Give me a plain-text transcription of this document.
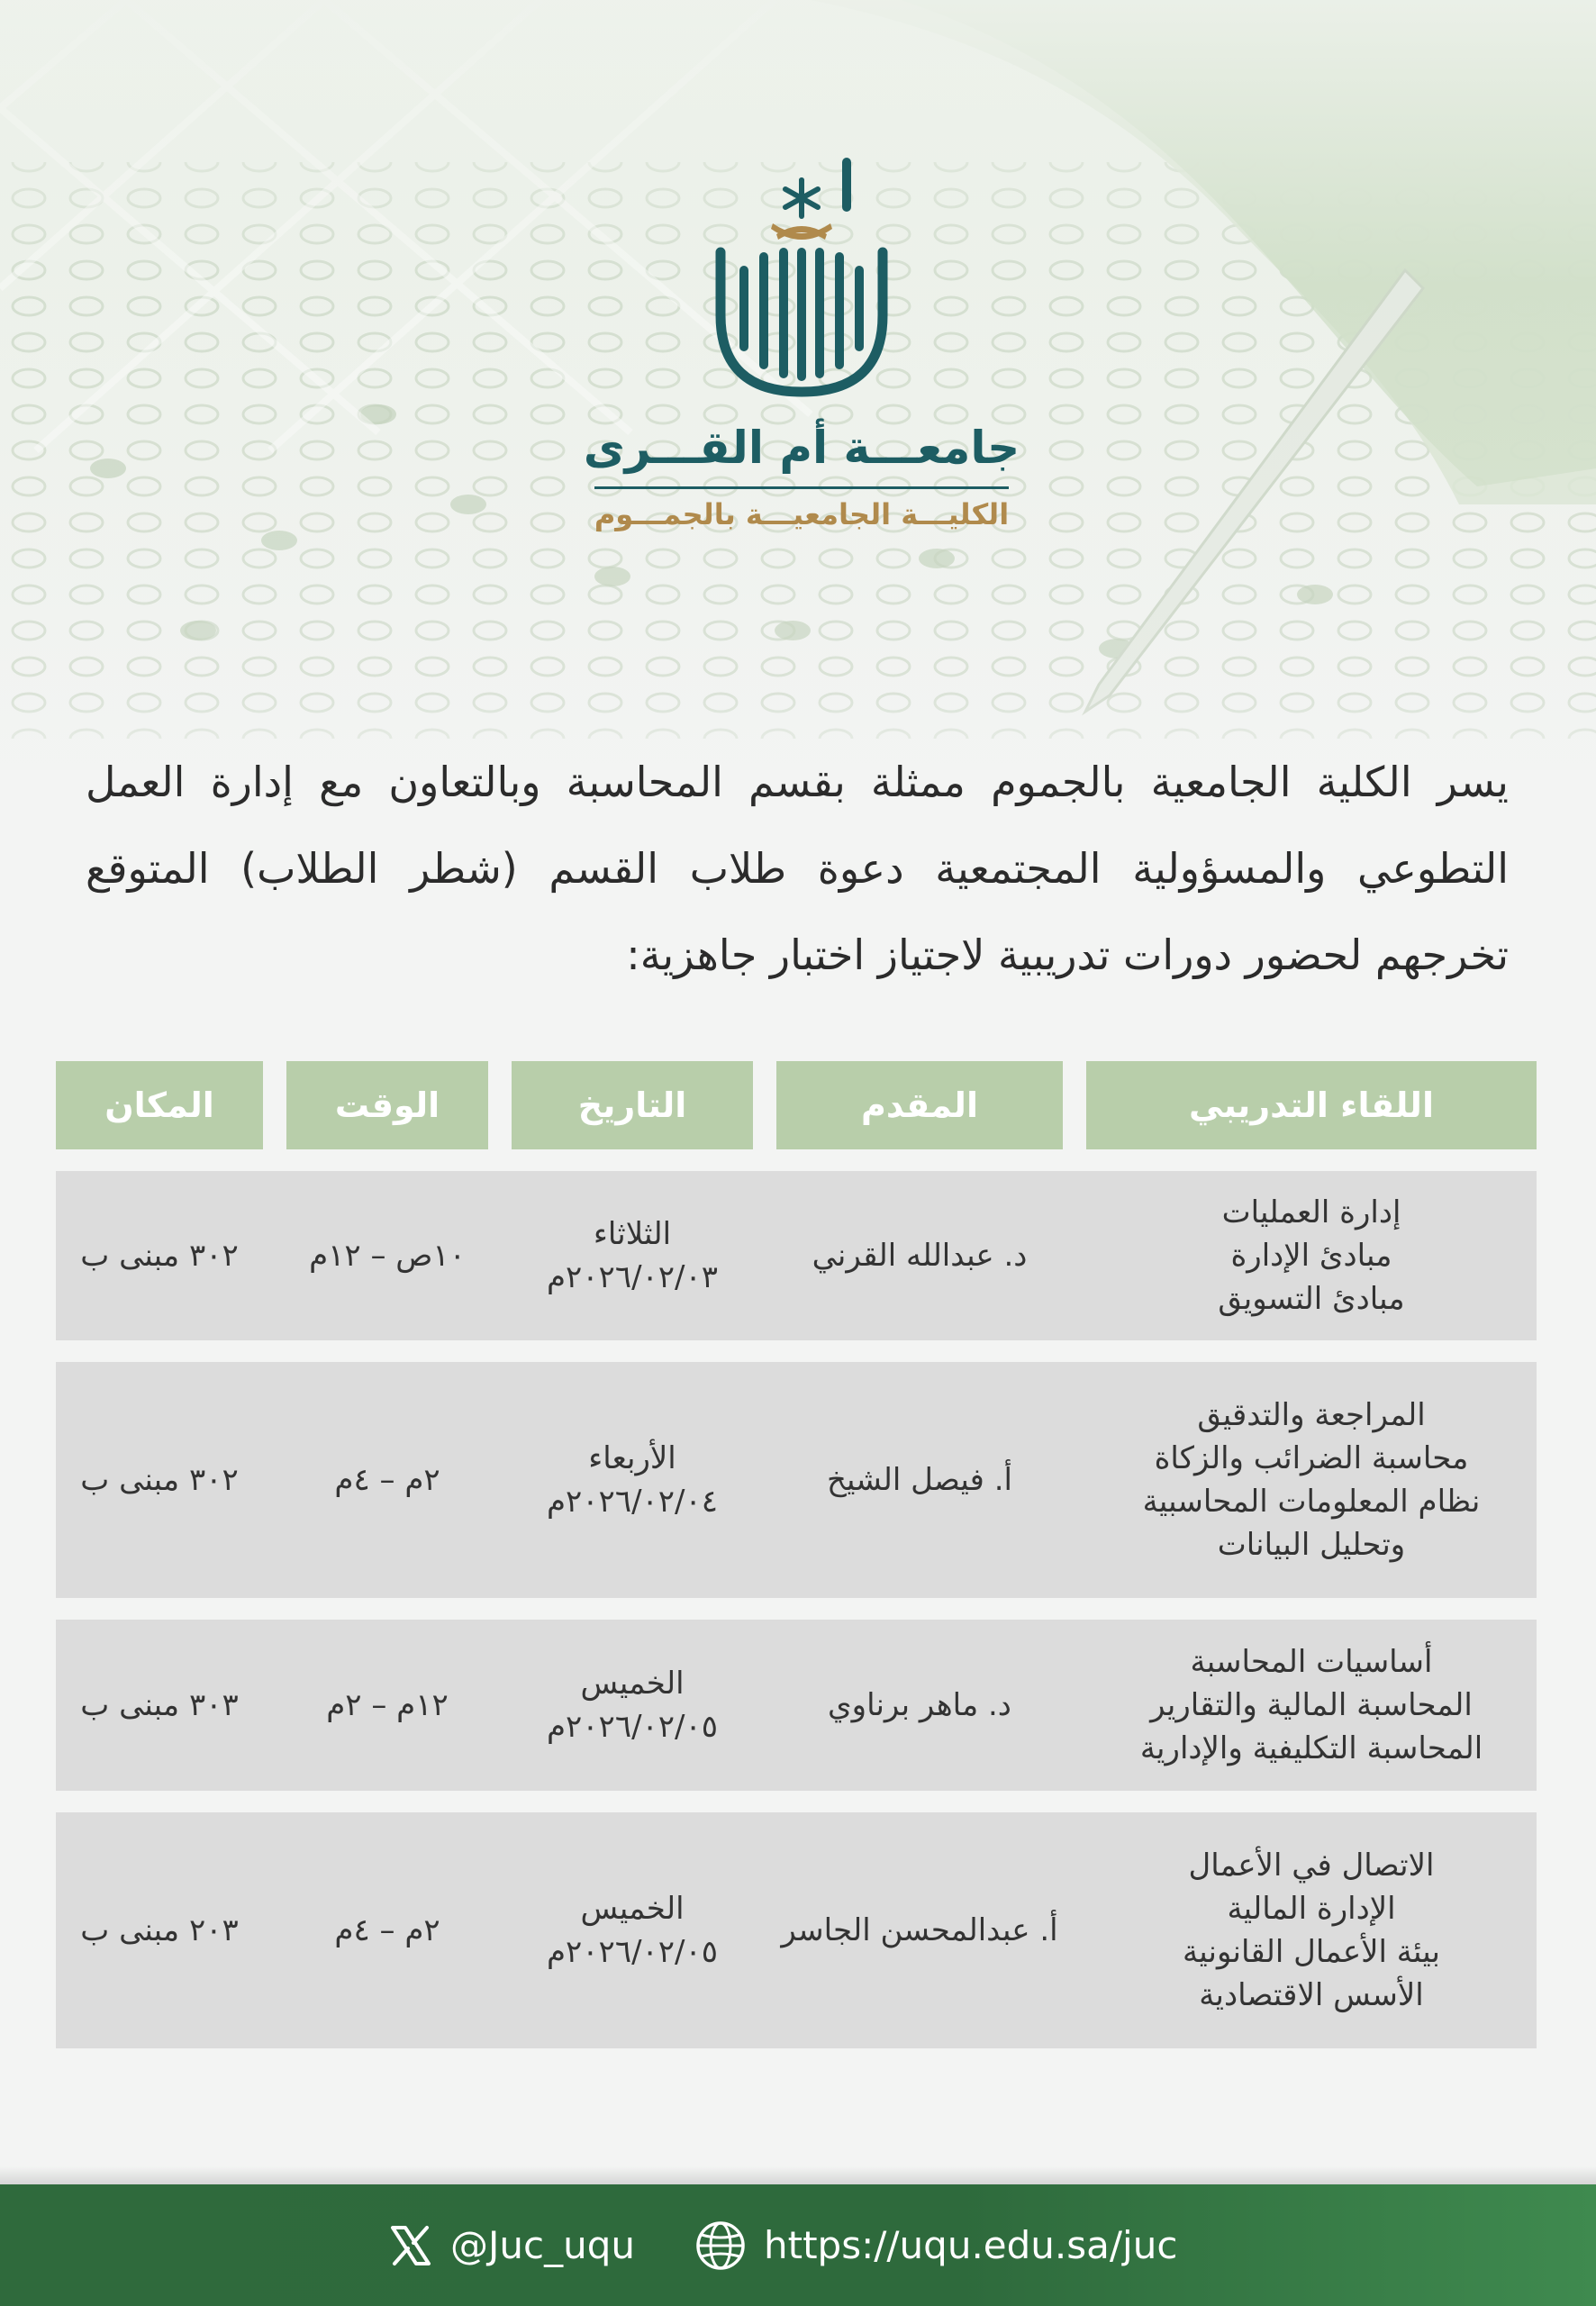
جامعـــة أم القـــرى
الكليـــة الجامعيـــة بالجمـــوم
يسر الكلية الجامعية بالجموم ممثلة بقسم المحاسبة وبالتعاون مع إدارة العمل التطوعي والمسؤولية المجتمعية دعوة طلاب القسم (شطر الطلاب) المتوقع تخرجهم لحضور دورات تدريبية لاجتياز اختبار جاهزية:
اللقاء التدريبي
المقدم
التاريخ
الوقت
المكان
إدارة العمليات
مبادئ الإدارة
مبادئ التسويق
د. عبدالله القرني
الثلاثاء
٢٠٢٦/٠٢/٠٣م
١٠ص – ١٢م
٣٠٢ مبنى ب
المراجعة والتدقيق
محاسبة الضرائب والزكاة
نظام المعلومات المحاسبية
وتحليل البيانات
أ. فيصل الشيخ
الأربعاء
٢٠٢٦/٠٢/٠٤م
٢م – ٤م
٣٠٢ مبنى ب
أساسيات المحاسبة
المحاسبة المالية والتقارير
المحاسبة التكليفية والإدارية
د. ماهر برناوي
الخميس
٢٠٢٦/٠٢/٠٥م
١٢م – ٢م
٣٠٣ مبنى ب
الاتصال في الأعمال
الإدارة المالية
بيئة الأعمال القانونية
الأسس الاقتصادية
أ. عبدالمحسن الجاسر
الخميس
٢٠٢٦/٠٢/٠٥م
٢م – ٤م
٢٠٣ مبنى ب
@Juc_uqu	https://uqu.edu.sa/juc
